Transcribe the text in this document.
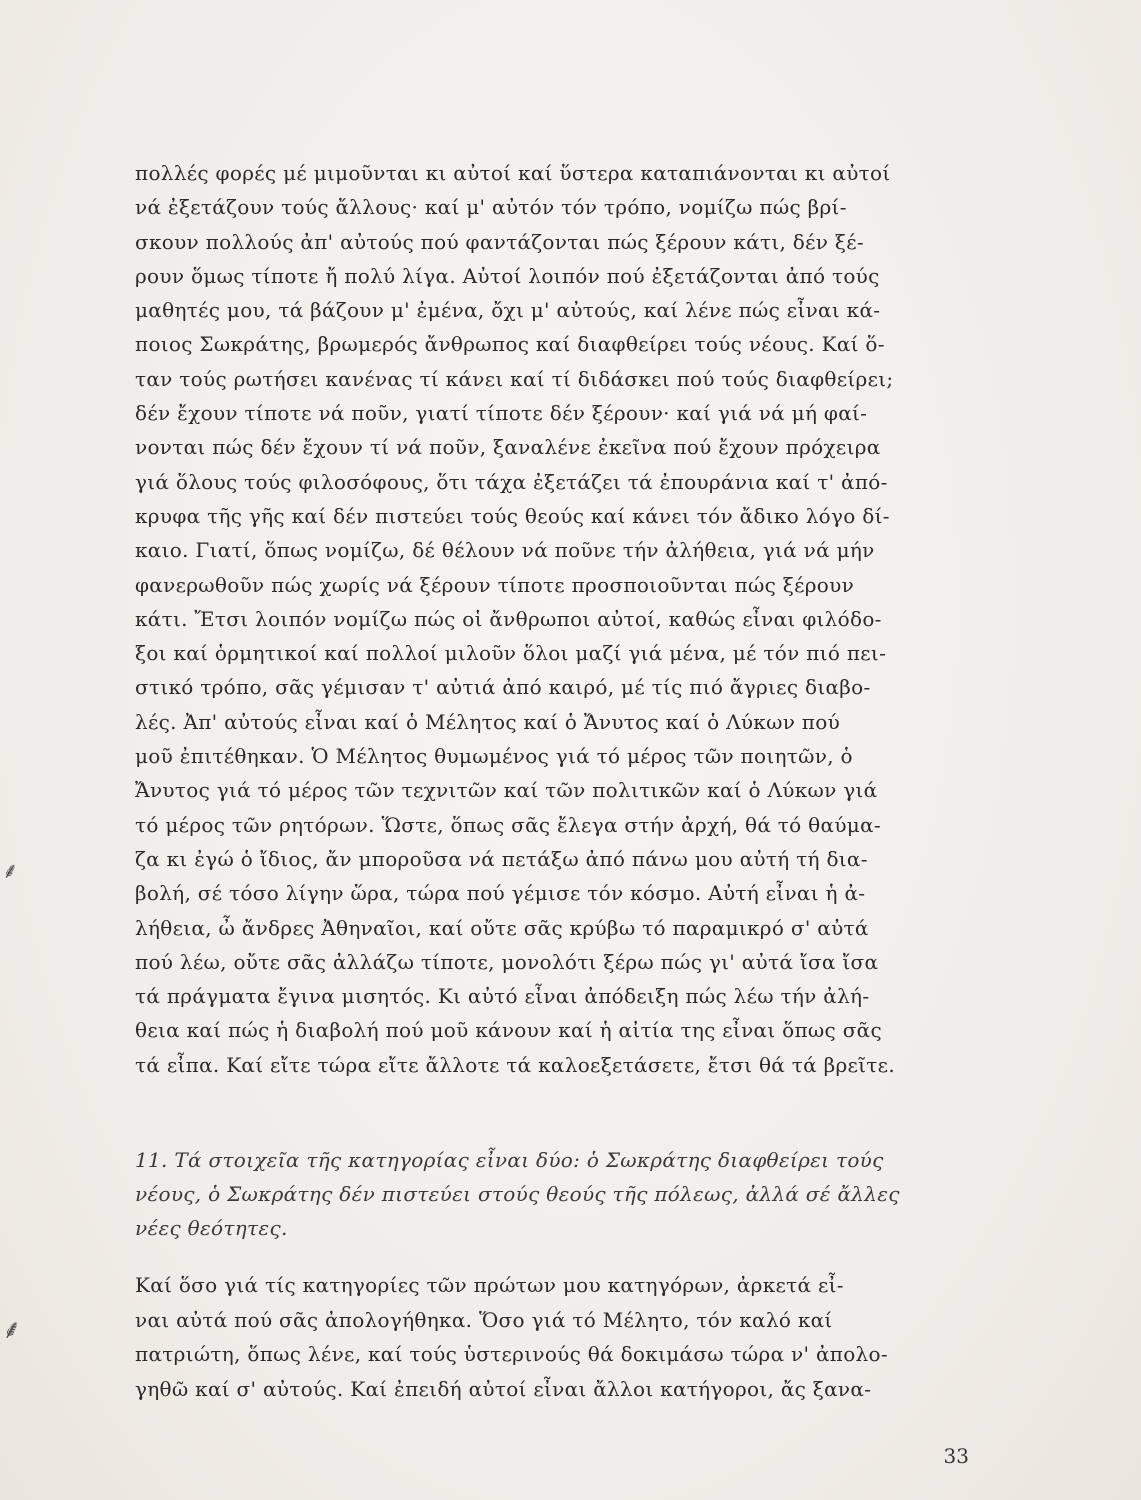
πολλές φορές μέ μιμοῦνται κι αὐτοί καί ὕστερα καταπιάνονται κι αὐτοί
νά ἐξετάζουν τούς ἄλλους· καί μ' αὐτόν τόν τρόπο, νομίζω πώς βρί-
σκουν πολλούς ἀπ' αὐτούς πού φαντάζονται πώς ξέρουν κάτι, δέν ξέ-
ρουν ὅμως τίποτε ἤ πολύ λίγα. Αὐτοί λοιπόν πού ἐξετάζονται ἀπό τούς
μαθητές μου, τά βάζουν μ' ἐμένα, ὄχι μ' αὐτούς, καί λένε πώς εἶναι κά-
ποιος Σωκράτης, βρωμερός ἄνθρωπος καί διαφθείρει τούς νέους. Καί ὅ-
ταν τούς ρωτήσει κανένας τί κάνει καί τί διδάσκει πού τούς διαφθείρει;
δέν ἔχουν τίποτε νά ποῦν, γιατί τίποτε δέν ξέρουν· καί γιά νά μή φαί-
νονται πώς δέν ἔχουν τί νά ποῦν, ξαναλένε ἐκεῖνα πού ἔχουν πρόχειρα
γιά ὅλους τούς φιλοσόφους, ὅτι τάχα ἐξετάζει τά ἐπουράνια καί τ' ἀπό-
κρυφα τῆς γῆς καί δέν πιστεύει τούς θεούς καί κάνει τόν ἄδικο λόγο δί-
καιο. Γιατί, ὅπως νομίζω, δέ θέλουν νά ποῦνε τήν ἀλήθεια, γιά νά μήν
φανερωθοῦν πώς χωρίς νά ξέρουν τίποτε προσποιοῦνται πώς ξέρουν
κάτι. Ἔτσι λοιπόν νομίζω πώς οἱ ἄνθρωποι αὐτοί, καθώς εἶναι φιλόδο-
ξοι καί ὁρμητικοί καί πολλοί μιλοῦν ὅλοι μαζί γιά μένα, μέ τόν πιό πει-
στικό τρόπο, σᾶς γέμισαν τ' αὐτιά ἀπό καιρό, μέ τίς πιό ἄγριες διαβο-
λές. Ἀπ' αὐτούς εἶναι καί ὁ Μέλητος καί ὁ Ἄνυτος καί ὁ Λύκων πού
μοῦ ἐπιτέθηκαν. Ὁ Μέλητος θυμωμένος γιά τό μέρος τῶν ποιητῶν, ὁ
Ἄνυτος γιά τό μέρος τῶν τεχνιτῶν καί τῶν πολιτικῶν καί ὁ Λύκων γιά
τό μέρος τῶν ρητόρων. Ὥστε, ὅπως σᾶς ἔλεγα στήν ἀρχή, θά τό θαύμα-
ζα κι ἐγώ ὁ ἴδιος, ἄν μποροῦσα νά πετάξω ἀπό πάνω μου αὐτή τή δια-
βολή, σέ τόσο λίγην ὥρα, τώρα πού γέμισε τόν κόσμο. Αὐτή εἶναι ἡ ἀ-
λήθεια, ὦ ἄνδρες Ἀθηναῖοι, καί οὔτε σᾶς κρύβω τό παραμικρό σ' αὐτά
πού λέω, οὔτε σᾶς ἀλλάζω τίποτε, μονολότι ξέρω πώς γι' αὐτά ἴσα ἴσα
τά πράγματα ἔγινα μισητός. Κι αὐτό εἶναι ἀπόδειξη πώς λέω τήν ἀλή-
θεια καί πώς ἡ διαβολή πού μοῦ κάνουν καί ἡ αἰτία της εἶναι ὅπως σᾶς
τά εἶπα. Καί εἴτε τώρα εἴτε ἄλλοτε τά καλοεξετάσετε, ἔτσι θά τά βρεῖτε.
11. Τά στοιχεῖα τῆς κατηγορίας εἶναι δύο: ὁ Σωκράτης διαφθείρει τούς
νέους, ὁ Σωκράτης δέν πιστεύει στούς θεούς τῆς πόλεως, ἀλλά σέ ἄλλες
νέες θεότητες.
Καί ὅσο γιά τίς κατηγορίες τῶν πρώτων μου κατηγόρων, ἀρκετά εἶ-
ναι αὐτά πού σᾶς ἀπολογήθηκα. Ὅσο γιά τό Μέλητο, τόν καλό καί
πατριώτη, ὅπως λένε, καί τούς ὑστερινούς θά δοκιμάσω τώρα ν' ἀπολο-
γηθῶ καί σ' αὐτούς. Καί ἐπειδή αὐτοί εἶναι ἄλλοι κατήγοροι, ἄς ξανα-
⸙
⸙
33
